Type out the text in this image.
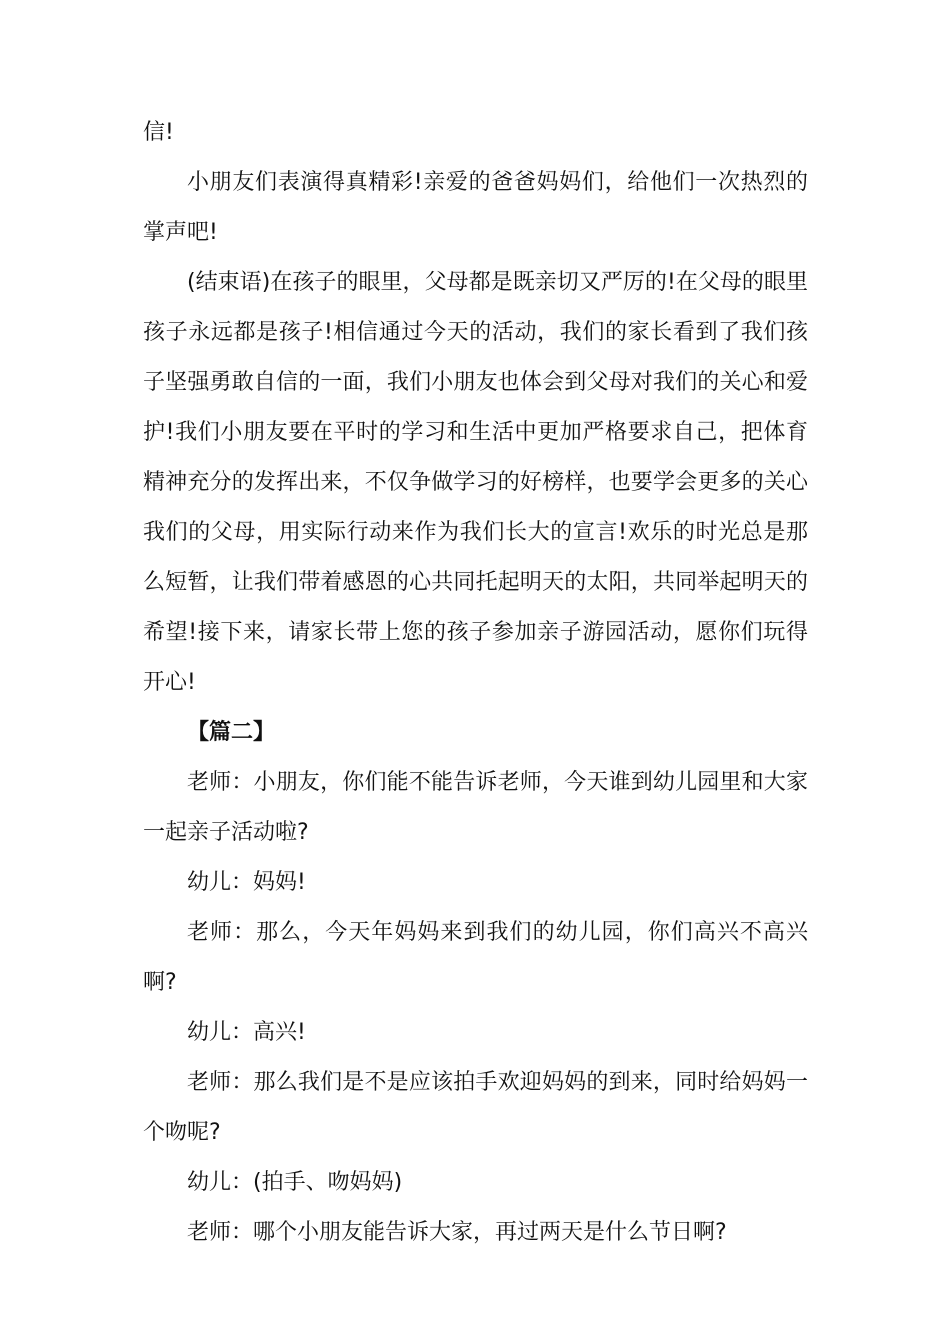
信!

小朋友们表演得真精彩!亲爱的爸爸妈妈们，给他们一次热烈的掌声吧!

(结束语)在孩子的眼里，父母都是既亲切又严厉的!在父母的眼里孩子永远都是孩子!相信通过今天的活动，我们的家长看到了我们孩子坚强勇敢自信的一面，我们小朋友也体会到父母对我们的关心和爱护!我们小朋友要在平时的学习和生活中更加严格要求自己，把体育精神充分的发挥出来，不仅争做学习的好榜样，也要学会更多的关心我们的父母，用实际行动来作为我们长大的宣言!欢乐的时光总是那么短暂，让我们带着感恩的心共同托起明天的太阳，共同举起明天的希望!接下来，请家长带上您的孩子参加亲子游园活动，愿你们玩得开心!

【篇二】

老师：小朋友，你们能不能告诉老师，今天谁到幼儿园里和大家一起亲子活动啦?

幼儿：妈妈!

老师：那么，今天年妈妈来到我们的幼儿园，你们高兴不高兴啊?

幼儿：高兴!

老师：那么我们是不是应该拍手欢迎妈妈的到来，同时给妈妈一个吻呢?

幼儿：(拍手、吻妈妈)

老师：哪个小朋友能告诉大家，再过两天是什么节日啊?
